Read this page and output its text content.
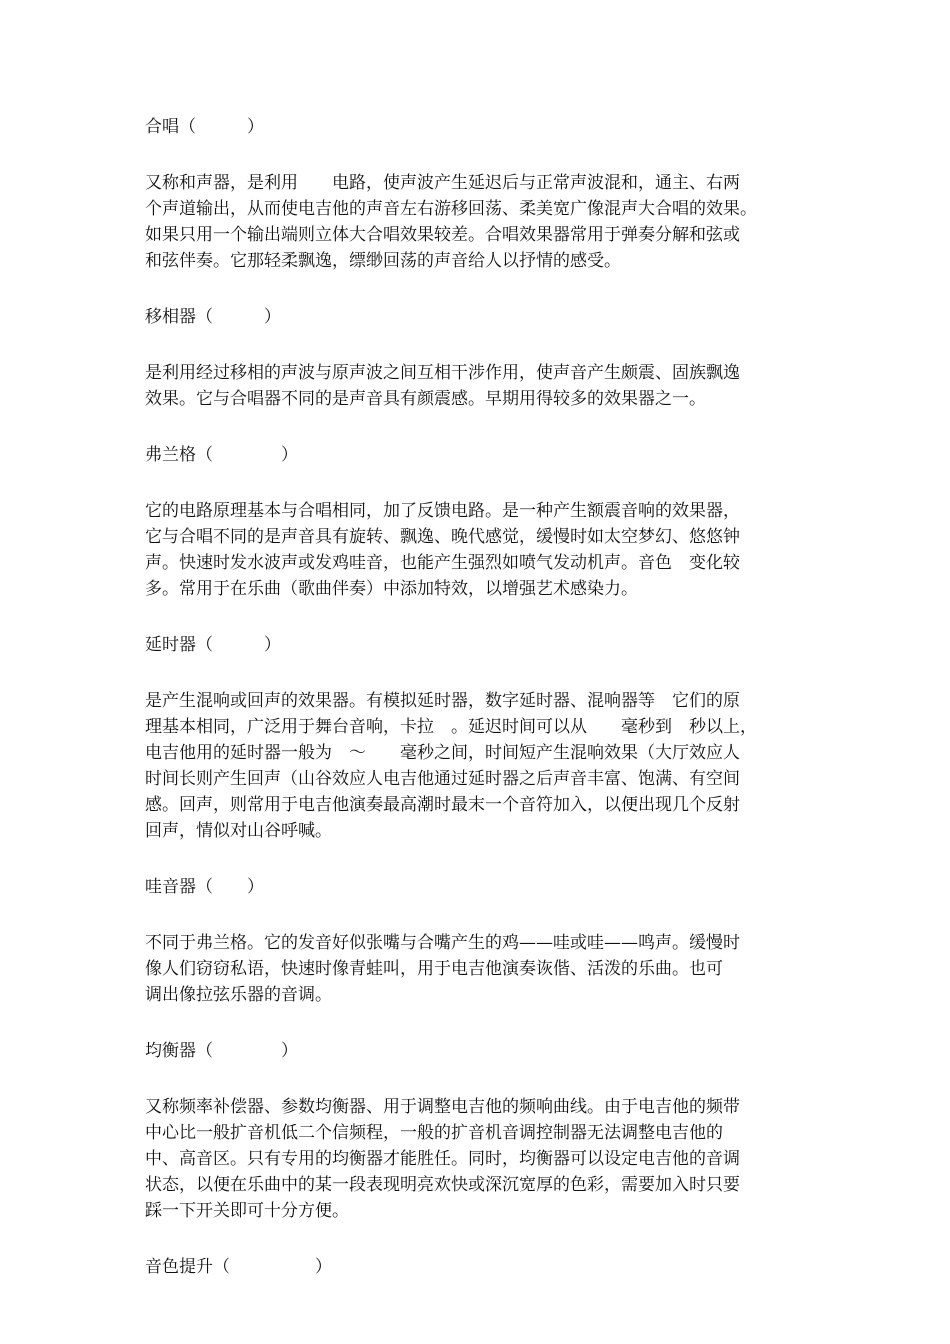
合唱（　　　）

又称和声器，是利用　　电路，使声波产生延迟后与正常声波混和，通主、右两
个声道输出，从而使电吉他的声音左右游移回荡、柔美宽广像混声大合唱的效果。
如果只用一个输出端则立体大合唱效果较差。合唱效果器常用于弹奏分解和弦或
和弦伴奏。它那轻柔飘逸，缥缈回荡的声音给人以抒情的感受。

移相器（　　　）

是利用经过移相的声波与原声波之间互相干涉作用，使声音产生颇震、固族飘逸
效果。它与合唱器不同的是声音具有颜震感。早期用得较多的效果器之一。

弗兰格（　　　　）

它的电路原理基本与合唱相同，加了反馈电路。是一种产生额震音响的效果器，
它与合唱不同的是声音具有旋转、飘逸、晚代感觉，缓慢时如太空梦幻、悠悠钟
声。快速时发水波声或发鸡哇音，也能产生强烈如喷气发动机声。音色　变化较
多。常用于在乐曲（歌曲伴奏）中添加特效，以增强艺术感染力。

延时器（　　　）

是产生混响或回声的效果器。有模拟延时器，数字延时器、混响器等　它们的原
理基本相同，广泛用于舞台音响，卡拉　。延迟时间可以从　　毫秒到　秒以上，
电吉他用的延时器一般为　～　　毫秒之间，时间短产生混响效果（大厅效应人
时间长则产生回声（山谷效应人电吉他通过延时器之后声音丰富、饱满、有空间
感。回声，则常用于电吉他演奏最高潮时最末一个音符加入，以便出现几个反射
回声，情似对山谷呼喊。

哇音器（　　）

不同于弗兰格。它的发音好似张嘴与合嘴产生的鸡——哇或哇——鸣声。缓慢时
像人们窃窃私语，快速时像青蛙叫，用于电吉他演奏诙偕、活泼的乐曲。也可
调出像拉弦乐器的音调。

均衡器（　　　　）

又称频率补偿器、参数均衡器、用于调整电吉他的频响曲线。由于电吉他的频带
中心比一般扩音机低二个信频程，一般的扩音机音调控制器无法调整电吉他的
中、高音区。只有专用的均衡器才能胜任。同时，均衡器可以设定电吉他的音调
状态，以便在乐曲中的某一段表现明亮欢快或深沉宽厚的色彩，需要加入时只要
踩一下开关即可十分方便。

音色提升（　　　　　）
